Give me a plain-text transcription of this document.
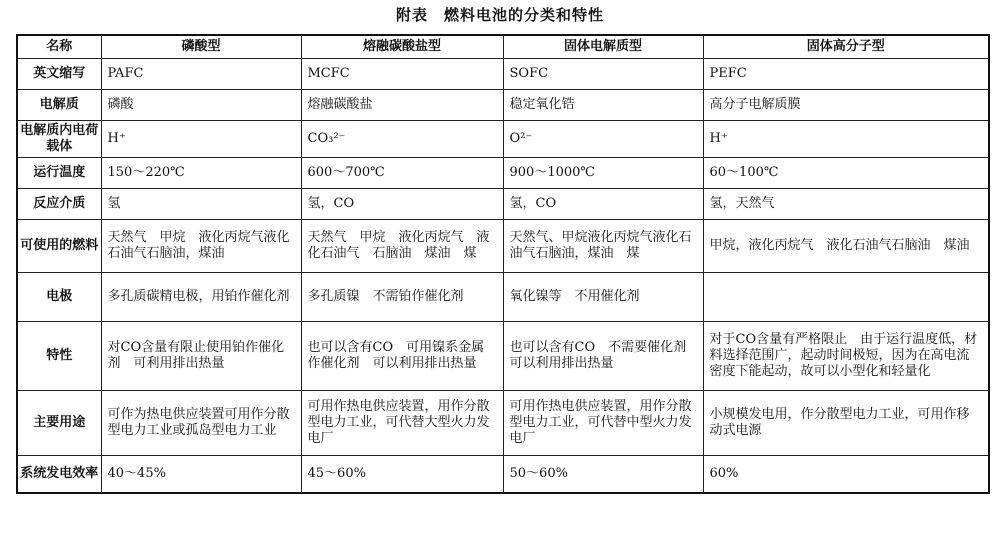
附表　燃料电池的分类和特性
名称	磷酸型	熔融碳酸盐型	固体电解质型	固体高分子型
英文缩写	PAFC	MCFC	SOFC	PEFC
电解质	磷酸	熔融碳酸盐	稳定氧化锆	高分子电解质膜
电解质内电荷载体	H⁺	CO₃²⁻	O²⁻	H⁺
运行温度	150～220℃	600～700℃	900～1000℃	60～100℃
反应介质	氢	氢，CO	氢，CO	氢，天然气
可使用的燃料	天然气　甲烷　液化丙烷气液化石油气石脑油，煤油	天然气　甲烷　液化丙烷气　液化石油气　石脑油　煤油　煤	天然气、甲烷液化丙烷气液化石油气石脑油，煤油　煤	甲烷，液化丙烷气　液化石油气石脑油　煤油
电极	多孔质碳精电极，用铂作催化剂	多孔质镍　不需铂作催化剂	氧化镍等　不用催化剂	
特性	对CO含量有限止使用铂作催化剂　可利用排出热量	也可以含有CO　可用镍系金属作催化剂　可以利用排出热量	也可以含有CO　不需要催化剂　可以利用排出热量	对于CO含量有严格限止　由于运行温度低，材料选择范围广，起动时间极短，因为在高电流密度下能起动，故可以小型化和轻量化
主要用途	可作为热电供应装置可用作分散型电力工业或孤岛型电力工业	可用作热电供应装置，用作分散型电力工业，可代替大型火力发电厂	可用作热电供应装置，用作分散型电力工业，可代替中型火力发电厂	小规模发电用，作分散型电力工业，可用作移动式电源
系统发电效率	40～45%	45～60%	50～60%	60%
